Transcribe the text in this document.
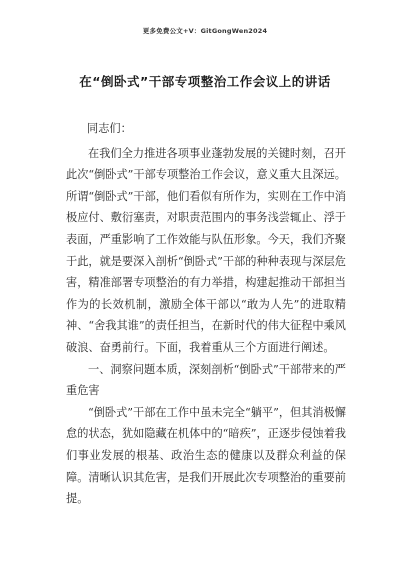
更多免费公文+V：GitGongWen2024
在“倒卧式”干部专项整治工作会议上的讲话

同志们：

在我们全力推进各项事业蓬勃发展的关键时刻，召开此次“倒卧式”干部专项整治工作会议，意义重大且深远。所谓“倒卧式”干部，他们看似有所作为，实则在工作中消极应付、敷衍塞责，对职责范围内的事务浅尝辄止、浮于表面，严重影响了工作效能与队伍形象。今天，我们齐聚于此，就是要深入剖析“倒卧式”干部的种种表现与深层危害，精准部署专项整治的有力举措，构建起推动干部担当作为的长效机制，激励全体干部以“敢为人先”的进取精神、“舍我其谁”的责任担当，在新时代的伟大征程中乘风破浪、奋勇前行。下面，我着重从三个方面进行阐述。

一、洞察问题本质，深刻剖析“倒卧式”干部带来的严重危害

“倒卧式”干部在工作中虽未完全“躺平”，但其消极懈怠的状态，犹如隐藏在机体中的“暗疾”，正逐步侵蚀着我们事业发展的根基、政治生态的健康以及群众利益的保障。清晰认识其危害，是我们开展此次专项整治的重要前提。
